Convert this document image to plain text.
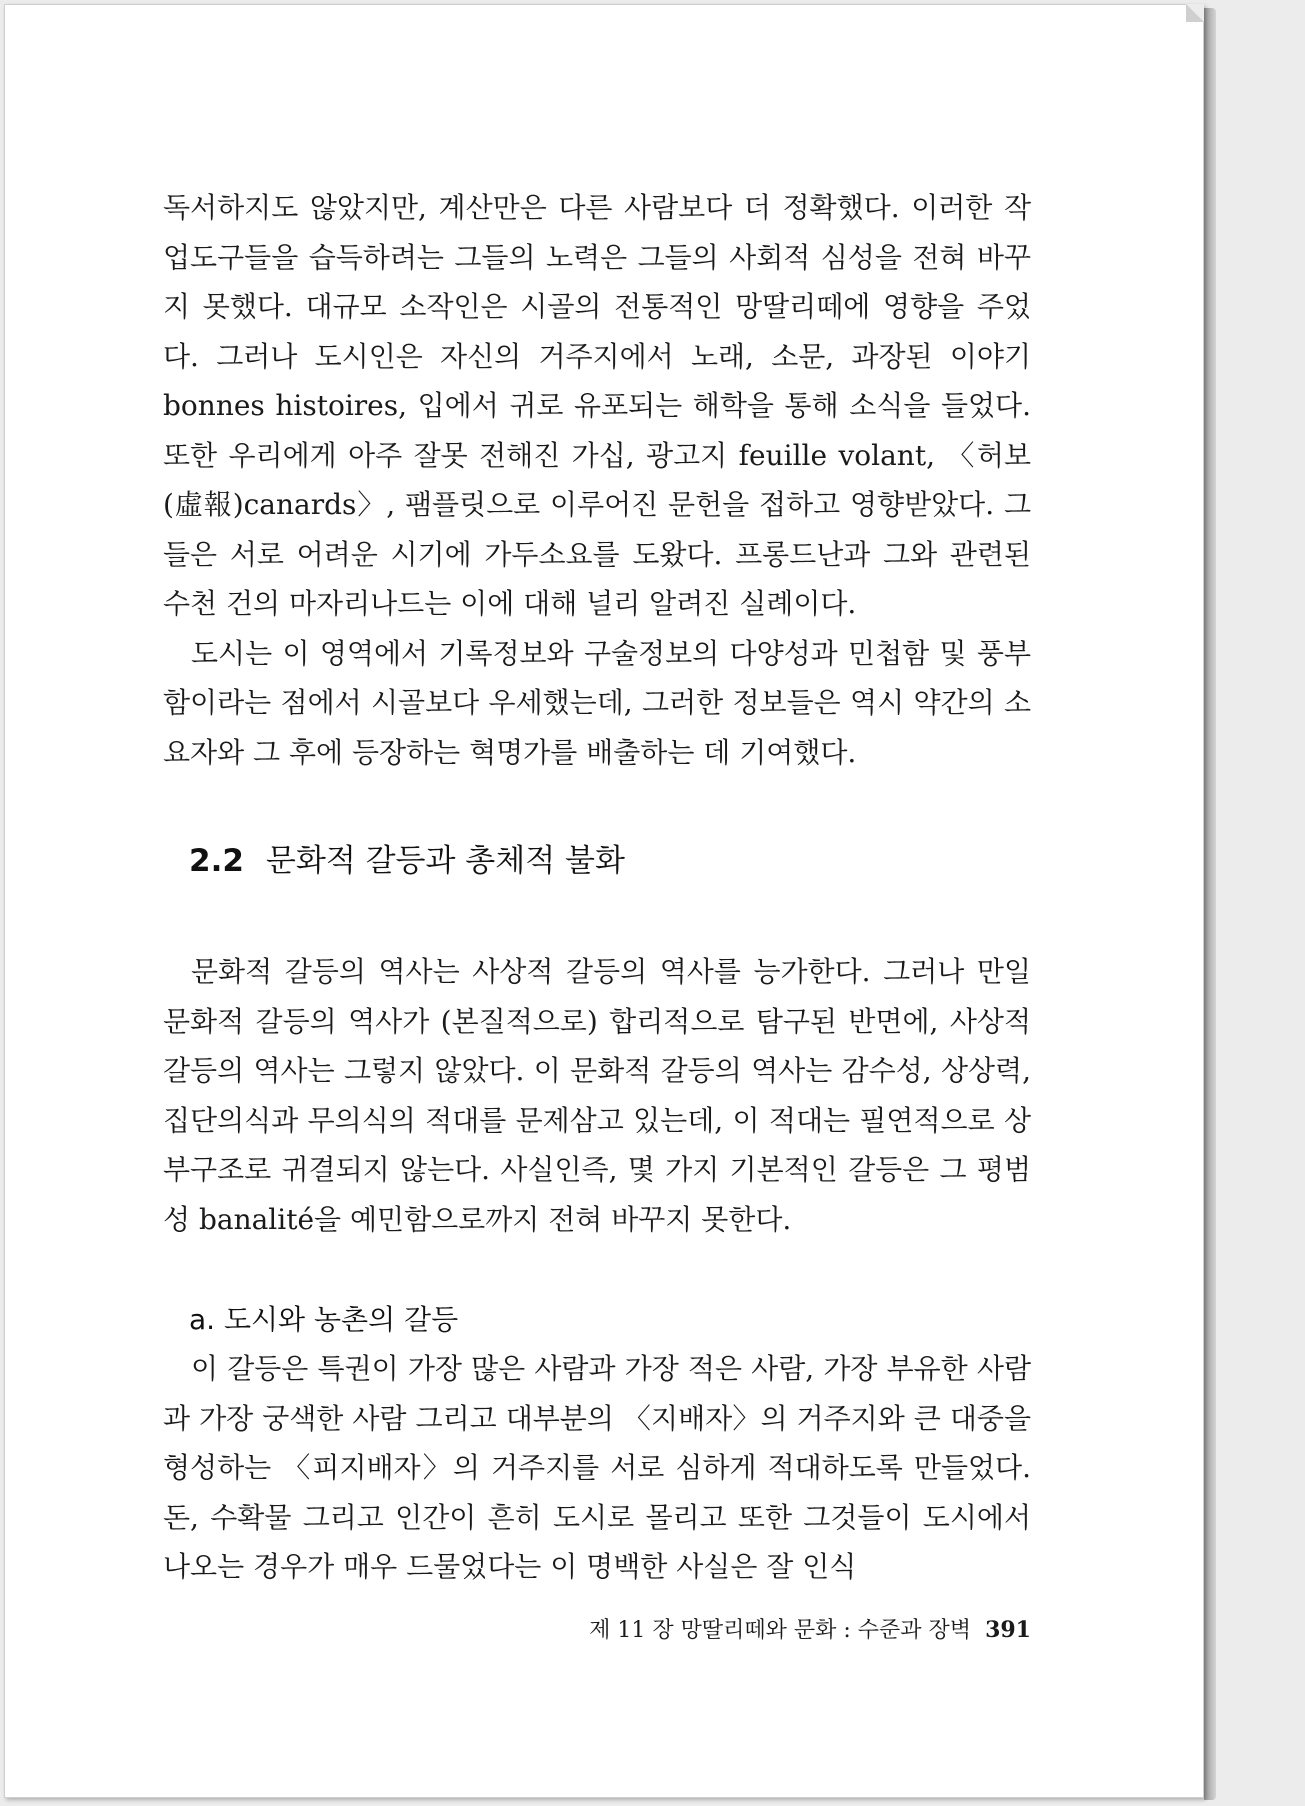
독서하지도 않았지만, 계산만은 다른 사람보다 더 정확했다. 이러한 작업도구들을 습득하려는 그들의 노력은 그들의 사회적 심성을 전혀 바꾸지 못했다. 대규모 소작인은 시골의 전통적인 망딸리떼에 영향을 주었다. 그러나 도시인은 자신의 거주지에서 노래, 소문, 과장된 이야기 bonnes histoires, 입에서 귀로 유포되는 해학을 통해 소식을 들었다. 또한 우리에게 아주 잘못 전해진 가십, 광고지 feuille volant, 〈허보(虛報)canards〉, 팸플릿으로 이루어진 문헌을 접하고 영향받았다. 그들은 서로 어려운 시기에 가두소요를 도왔다. 프롱드난과 그와 관련된 수천 건의 마자리나드는 이에 대해 널리 알려진 실례이다.

도시는 이 영역에서 기록정보와 구술정보의 다양성과 민첩함 및 풍부함이라는 점에서 시골보다 우세했는데, 그러한 정보들은 역시 약간의 소요자와 그 후에 등장하는 혁명가를 배출하는 데 기여했다.

2.2 문화적 갈등과 총체적 불화

문화적 갈등의 역사는 사상적 갈등의 역사를 능가한다. 그러나 만일 문화적 갈등의 역사가 (본질적으로) 합리적으로 탐구된 반면에, 사상적 갈등의 역사는 그렇지 않았다. 이 문화적 갈등의 역사는 감수성, 상상력, 집단의식과 무의식의 적대를 문제삼고 있는데, 이 적대는 필연적으로 상부구조로 귀결되지 않는다. 사실인즉, 몇 가지 기본적인 갈등은 그 평범성 banalité을 예민함으로까지 전혀 바꾸지 못한다.

a. 도시와 농촌의 갈등

이 갈등은 특권이 가장 많은 사람과 가장 적은 사람, 가장 부유한 사람과 가장 궁색한 사람 그리고 대부분의 〈지배자〉의 거주지와 큰 대중을 형성하는 〈피지배자〉의 거주지를 서로 심하게 적대하도록 만들었다. 돈, 수확물 그리고 인간이 흔히 도시로 몰리고 또한 그것들이 도시에서 나오는 경우가 매우 드물었다는 이 명백한 사실은 잘 인식

제 11 장 망딸리떼와 문화 : 수준과 장벽 391
